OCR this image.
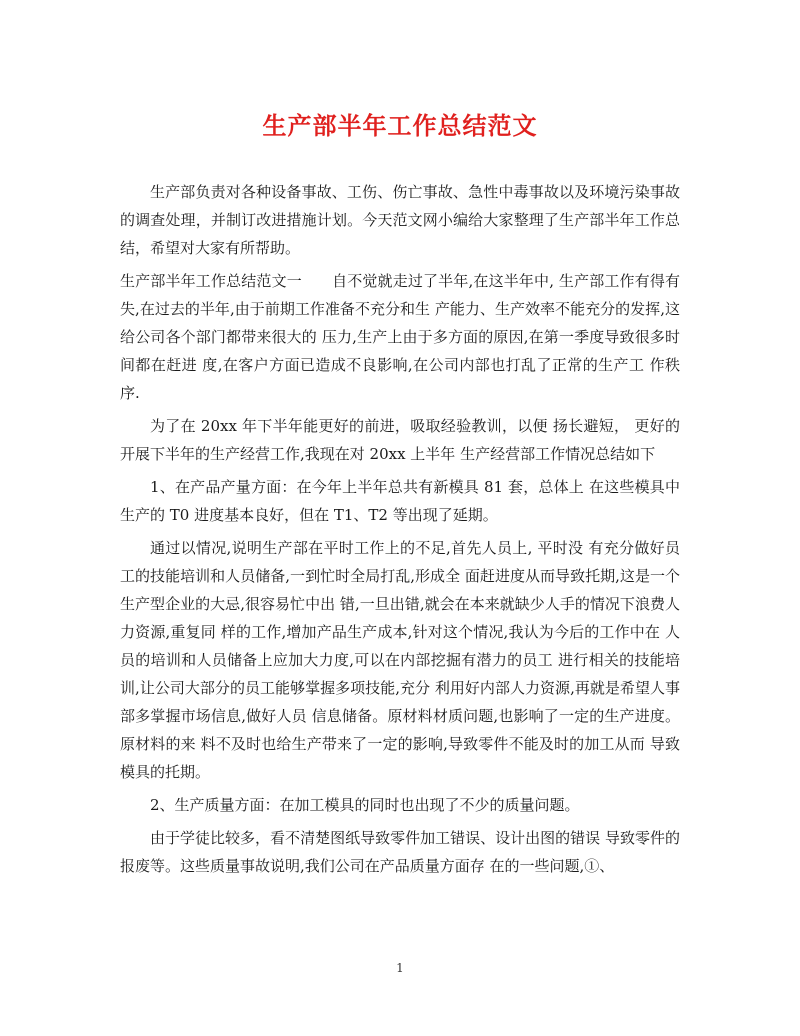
生产部半年工作总结范文

生产部负责对各种设备事故、工伤、伤亡事故、急性中毒事故以及环境污染事故的调查处理，并制订改进措施计划。今天范文网小编给大家整理了生产部半年工作总结，希望对大家有所帮助。

生产部半年工作总结范文一 自不觉就走过了半年,在这半年中, 生产部工作有得有失,在过去的半年,由于前期工作准备不充分和生 产能力、生产效率不能充分的发挥,这给公司各个部门都带来很大的 压力,生产上由于多方面的原因,在第一季度导致很多时间都在赶进 度,在客户方面已造成不良影响,在公司内部也打乱了正常的生产工 作秩序.

为了在 20xx 年下半年能更好的前进，吸取经验教训，以便 扬长避短， 更好的开展下半年的生产经营工作,我现在对 20xx 上半年 生产经营部工作情况总结如下

1、在产品产量方面：在今年上半年总共有新模具 81 套，总体上 在这些模具中生产的 T0 进度基本良好，但在 T1、T2 等出现了延期。

通过以情况,说明生产部在平时工作上的不足,首先人员上, 平时没 有充分做好员工的技能培训和人员储备,一到忙时全局打乱,形成全 面赶进度从而导致托期,这是一个生产型企业的大忌,很容易忙中出 错,一旦出错,就会在本来就缺少人手的情况下浪费人力资源,重复同 样的工作,增加产品生产成本,针对这个情况,我认为今后的工作中在 人员的培训和人员储备上应加大力度,可以在内部挖掘有潜力的员工 进行相关的技能培训,让公司大部分的员工能够掌握多项技能,充分 利用好内部人力资源,再就是希望人事部多掌握市场信息,做好人员 信息储备。原材料材质问题,也影响了一定的生产进度。原材料的来 料不及时也给生产带来了一定的影响,导致零件不能及时的加工从而 导致模具的托期。

2、生产质量方面：在加工模具的同时也出现了不少的质量问题。

由于学徒比较多，看不清楚图纸导致零件加工错误、设计出图的错误 导致零件的报废等。这些质量事故说明,我们公司在产品质量方面存 在的一些问题,①、

1
